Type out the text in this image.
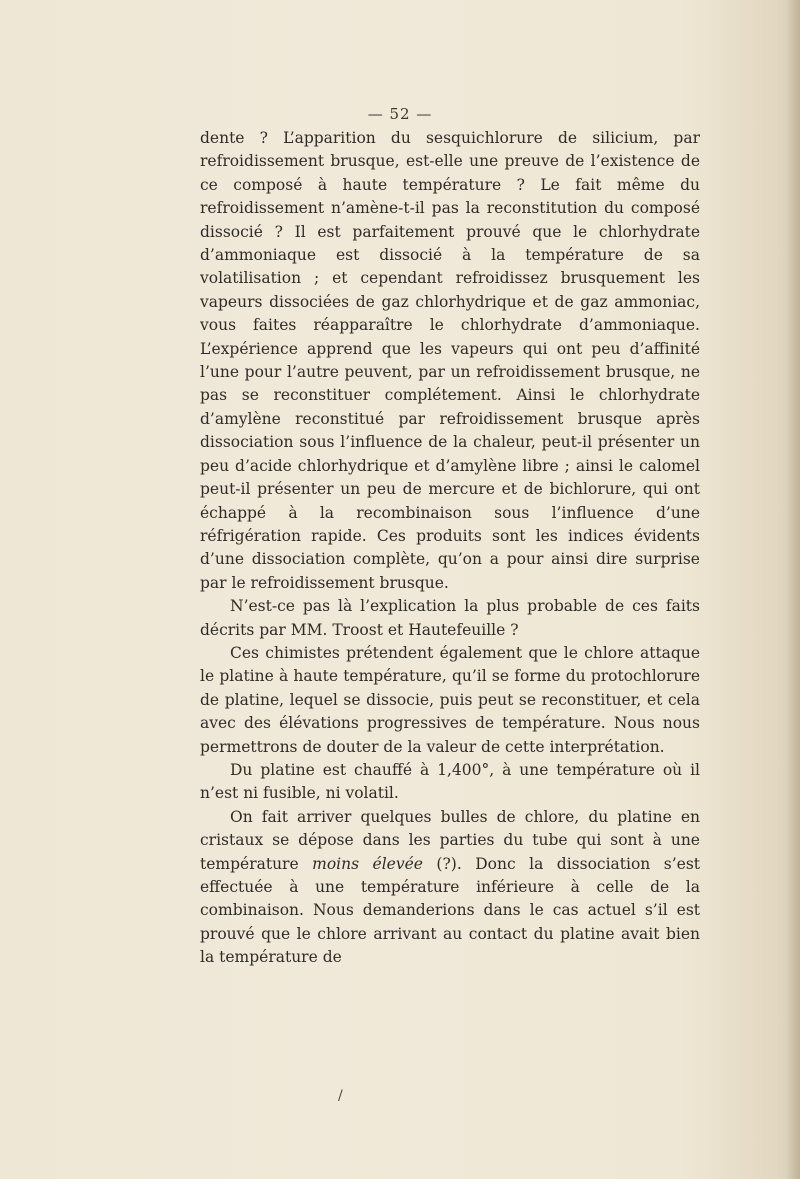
— 52 —

dente ? L’apparition du sesquichlorure de silicium, par refroidissement brusque, est-elle une preuve de l’existence de ce composé à haute température ? Le fait même du refroidissement n’amène-t-il pas la reconstitution du composé dissocié ? Il est parfaitement prouvé que le chlorhydrate d’ammoniaque est dissocié à la température de sa volatilisation ; et cependant refroidissez brusquement les vapeurs dissociées de gaz chlorhydrique et de gaz ammoniac, vous faites réapparaître le chlorhydrate d’ammoniaque. L’expérience apprend que les vapeurs qui ont peu d’affinité l’une pour l’autre peuvent, par un refroidissement brusque, ne pas se reconstituer complétement. Ainsi le chlorhydrate d’amylène reconstitué par refroidissement brusque après dissociation sous l’influence de la chaleur, peut-il présenter un peu d’acide chlorhydrique et d’amylène libre ; ainsi le calomel peut-il présenter un peu de mercure et de bichlorure, qui ont échappé à la recombinaison sous l’influence d’une réfrigération rapide. Ces produits sont les indices évidents d’une dissociation complète, qu’on a pour ainsi dire surprise par le refroidissement brusque.

N’est-ce pas là l’explication la plus probable de ces faits décrits par MM. Troost et Hautefeuille ?

Ces chimistes prétendent également que le chlore attaque le platine à haute température, qu’il se forme du protochlorure de platine, lequel se dissocie, puis peut se reconstituer, et cela avec des élévations progressives de température. Nous nous permettrons de douter de la valeur de cette interprétation.

Du platine est chauffé à 1,400°, à une température où il n’est ni fusible, ni volatil.

On fait arriver quelques bulles de chlore, du platine en cristaux se dépose dans les parties du tube qui sont à une température moins élevée (?). Donc la dissociation s’est effectuée à une température inférieure à celle de la combinaison. Nous demanderions dans le cas actuel s’il est prouvé que le chlore arrivant au contact du platine avait bien la température de

/
